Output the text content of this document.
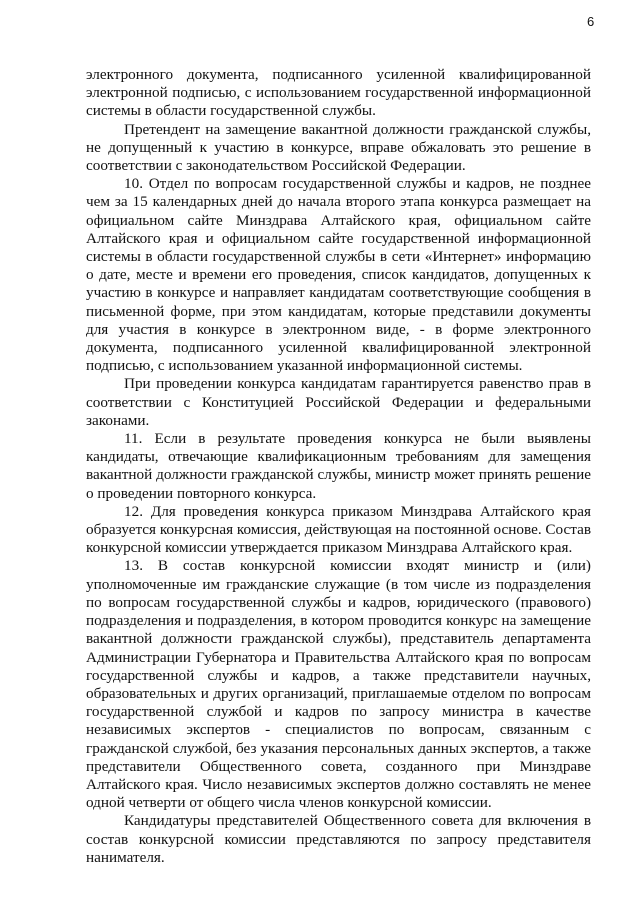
6

электронного документа, подписанного усиленной квалифицированной электронной подписью, с использованием государственной информационной системы в области государственной службы.

Претендент на замещение вакантной должности гражданской службы, не допущенный к участию в конкурсе, вправе обжаловать это решение в соответствии с законодательством Российской Федерации.

10. Отдел по вопросам государственной службы и кадров, не позднее чем за 15 календарных дней до начала второго этапа конкурса размещает на официальном сайте Минздрава Алтайского края, официальном сайте Алтайского края и официальном сайте государственной информационной системы в области государственной службы в сети «Интернет» информацию о дате, месте и времени его проведения, список кандидатов, допущенных к участию в конкурсе и направляет кандидатам соответствующие сообщения в письменной форме, при этом кандидатам, которые представили документы для участия в конкурсе в электронном виде, - в форме электронного документа, подписанного усиленной квалифицированной электронной подписью, с использованием указанной информационной системы.

При проведении конкурса кандидатам гарантируется равенство прав в соответствии с Конституцией Российской Федерации и федеральными законами.

11. Если в результате проведения конкурса не были выявлены кандидаты, отвечающие квалификационным требованиям для замещения вакантной должности гражданской службы, министр может принять решение о проведении повторного конкурса.

12. Для проведения конкурса приказом Минздрава Алтайского края образуется конкурсная комиссия, действующая на постоянной основе. Состав конкурсной комиссии утверждается приказом Минздрава Алтайского края.

13. В состав конкурсной комиссии входят министр и (или) уполномоченные им гражданские служащие (в том числе из подразделения по вопросам государственной службы и кадров, юридического (правового) подразделения и подразделения, в котором проводится конкурс на замещение вакантной должности гражданской службы), представитель департамента Администрации Губернатора и Правительства Алтайского края по вопросам государственной службы и кадров, а также представители научных, образовательных и других организаций, приглашаемые отделом по вопросам государственной службой и кадров по запросу министра в качестве независимых экспертов - специалистов по вопросам, связанным с гражданской службой, без указания персональных данных экспертов, а также представители Общественного совета, созданного при Минздраве Алтайского края. Число независимых экспертов должно составлять не менее одной четверти от общего числа членов конкурсной комиссии.

Кандидатуры представителей Общественного совета для включения в состав конкурсной комиссии представляются по запросу представителя нанимателя.
